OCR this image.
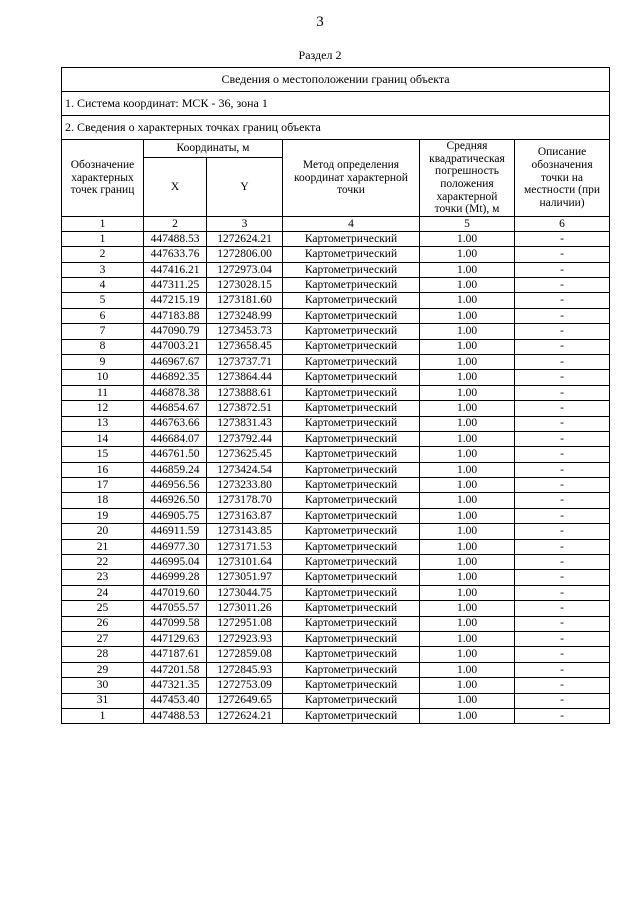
3
Раздел 2
Сведения о местоположении границ объекта					
1. Система координат: МСК - 36, зона 1					
2. Сведения о характерных точках границ объекта					
Обозначение характерных точек границ	Координаты, м		Метод определения координат характерной точки	Средняя квадратическая погрешность положения характерной точки (Mt), м	Описание обозначения точки на местности (при наличии)
	X	Y			
1	2	3	4	5	6
1	447488.53	1272624.21	Картометрический	1.00	-
2	447633.76	1272806.00	Картометрический	1.00	-
3	447416.21	1272973.04	Картометрический	1.00	-
4	447311.25	1273028.15	Картометрический	1.00	-
5	447215.19	1273181.60	Картометрический	1.00	-
6	447183.88	1273248.99	Картометрический	1.00	-
7	447090.79	1273453.73	Картометрический	1.00	-
8	447003.21	1273658.45	Картометрический	1.00	-
9	446967.67	1273737.71	Картометрический	1.00	-
10	446892.35	1273864.44	Картометрический	1.00	-
11	446878.38	1273888.61	Картометрический	1.00	-
12	446854.67	1273872.51	Картометрический	1.00	-
13	446763.66	1273831.43	Картометрический	1.00	-
14	446684.07	1273792.44	Картометрический	1.00	-
15	446761.50	1273625.45	Картометрический	1.00	-
16	446859.24	1273424.54	Картометрический	1.00	-
17	446956.56	1273233.80	Картометрический	1.00	-
18	446926.50	1273178.70	Картометрический	1.00	-
19	446905.75	1273163.87	Картометрический	1.00	-
20	446911.59	1273143.85	Картометрический	1.00	-
21	446977.30	1273171.53	Картометрический	1.00	-
22	446995.04	1273101.64	Картометрический	1.00	-
23	446999.28	1273051.97	Картометрический	1.00	-
24	447019.60	1273044.75	Картометрический	1.00	-
25	447055.57	1273011.26	Картометрический	1.00	-
26	447099.58	1272951.08	Картометрический	1.00	-
27	447129.63	1272923.93	Картометрический	1.00	-
28	447187.61	1272859.08	Картометрический	1.00	-
29	447201.58	1272845.93	Картометрический	1.00	-
30	447321.35	1272753.09	Картометрический	1.00	-
31	447453.40	1272649.65	Картометрический	1.00	-
1	447488.53	1272624.21	Картометрический	1.00	-
